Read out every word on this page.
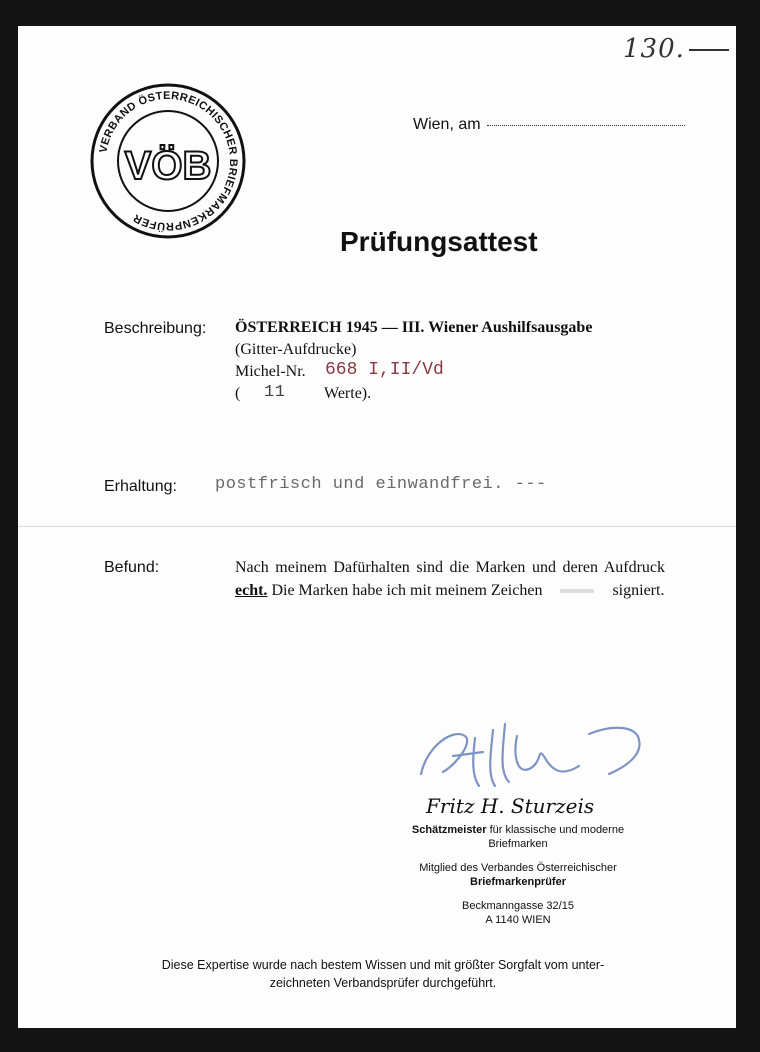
130.
VERBAND ÖSTERREICHISCHER BRIEFMARKENPRÜFER
VÖB
Wien, am
Prüfungsattest
Beschreibung: ÖSTERREICH 1945 — III. Wiener Aushilfsausgabe
(Gitter-Aufdrucke)
Michel-Nr. 668 I,II/Vd
( 11 Werte).
Erhaltung: postfrisch und einwandfrei. ---
Befund:	Nach meinem Dafürhalten sind die Marken und deren Aufdruck echt. Die Marken habe ich mit meinem Zeichen	signiert.
Fritz H. Sturzeis
Schätzmeister für klassische und moderne Briefmarken
Mitglied des Verbandes Österreichischer
Briefmarkenprüfer
Beckmanngasse 32/15
A 1140 WIEN
Diese Expertise wurde nach bestem Wissen und mit größter Sorgfalt vom unter-
zeichneten Verbandsprüfer durchgeführt.
